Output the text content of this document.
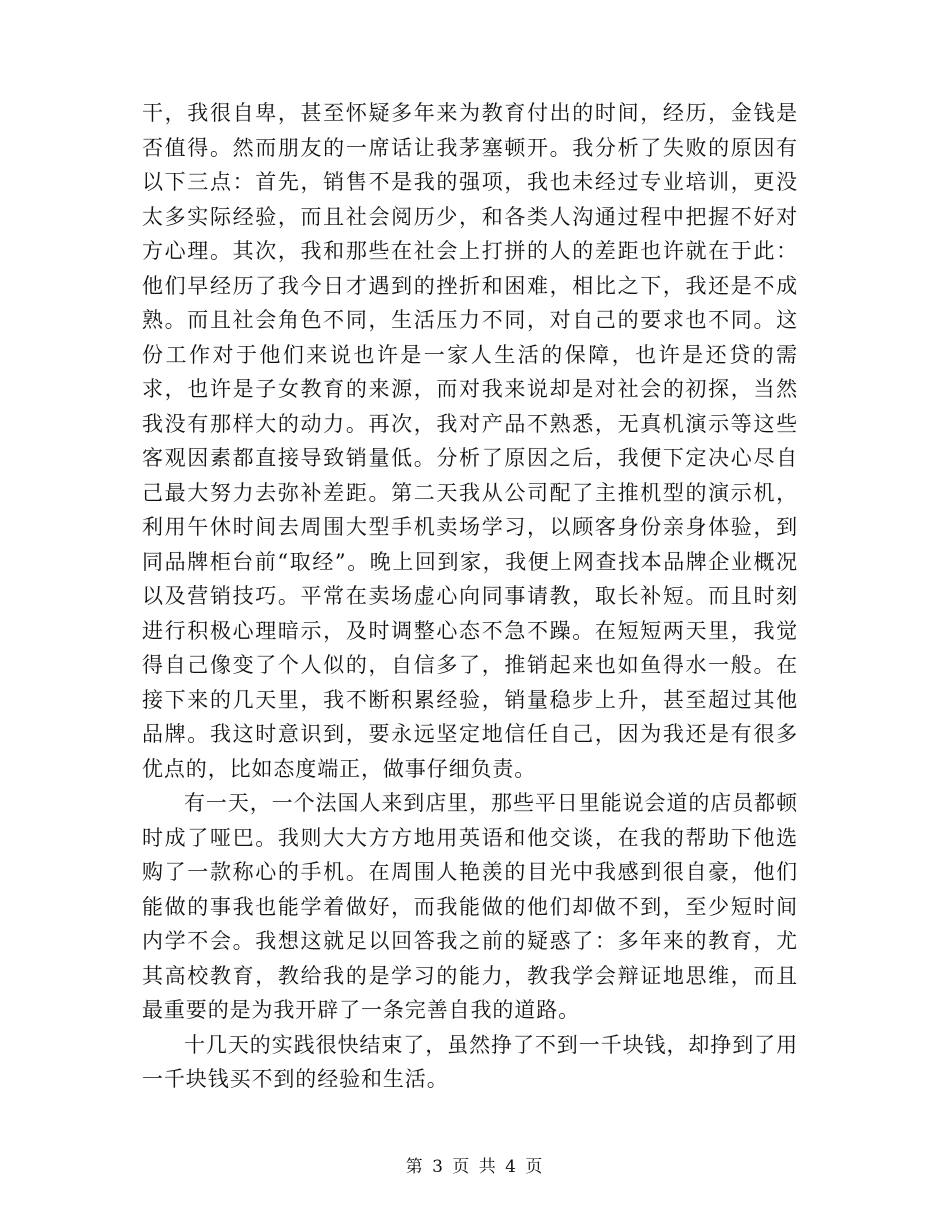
干，我很自卑，甚至怀疑多年来为教育付出的时间，经历，金钱是否值得。然而朋友的一席话让我茅塞顿开。我分析了失败的原因有以下三点：首先，销售不是我的强项，我也未经过专业培训，更没太多实际经验，而且社会阅历少，和各类人沟通过程中把握不好对方心理。其次，我和那些在社会上打拼的人的差距也许就在于此：他们早经历了我今日才遇到的挫折和困难，相比之下，我还是不成熟。而且社会角色不同，生活压力不同，对自己的要求也不同。这份工作对于他们来说也许是一家人生活的保障，也许是还贷的需求，也许是子女教育的来源，而对我来说却是对社会的初探，当然我没有那样大的动力。再次，我对产品不熟悉，无真机演示等这些客观因素都直接导致销量低。分析了原因之后，我便下定决心尽自己最大努力去弥补差距。第二天我从公司配了主推机型的演示机，利用午休时间去周围大型手机卖场学习，以顾客身份亲身体验，到同品牌柜台前“取经”。晚上回到家，我便上网查找本品牌企业概况以及营销技巧。平常在卖场虚心向同事请教，取长补短。而且时刻进行积极心理暗示，及时调整心态不急不躁。在短短两天里，我觉得自己像变了个人似的，自信多了，推销起来也如鱼得水一般。在接下来的几天里，我不断积累经验，销量稳步上升，甚至超过其他品牌。我这时意识到，要永远坚定地信任自己，因为我还是有很多优点的，比如态度端正，做事仔细负责。

有一天，一个法国人来到店里，那些平日里能说会道的店员都顿时成了哑巴。我则大大方方地用英语和他交谈，在我的帮助下他选购了一款称心的手机。在周围人艳羡的目光中我感到很自豪，他们能做的事我也能学着做好，而我能做的他们却做不到，至少短时间内学不会。我想这就足以回答我之前的疑惑了：多年来的教育，尤其高校教育，教给我的是学习的能力，教我学会辩证地思维，而且最重要的是为我开辟了一条完善自我的道路。

十几天的实践很快结束了，虽然挣了不到一千块钱，却挣到了用一千块钱买不到的经验和生活。

第 3 页 共 4 页
